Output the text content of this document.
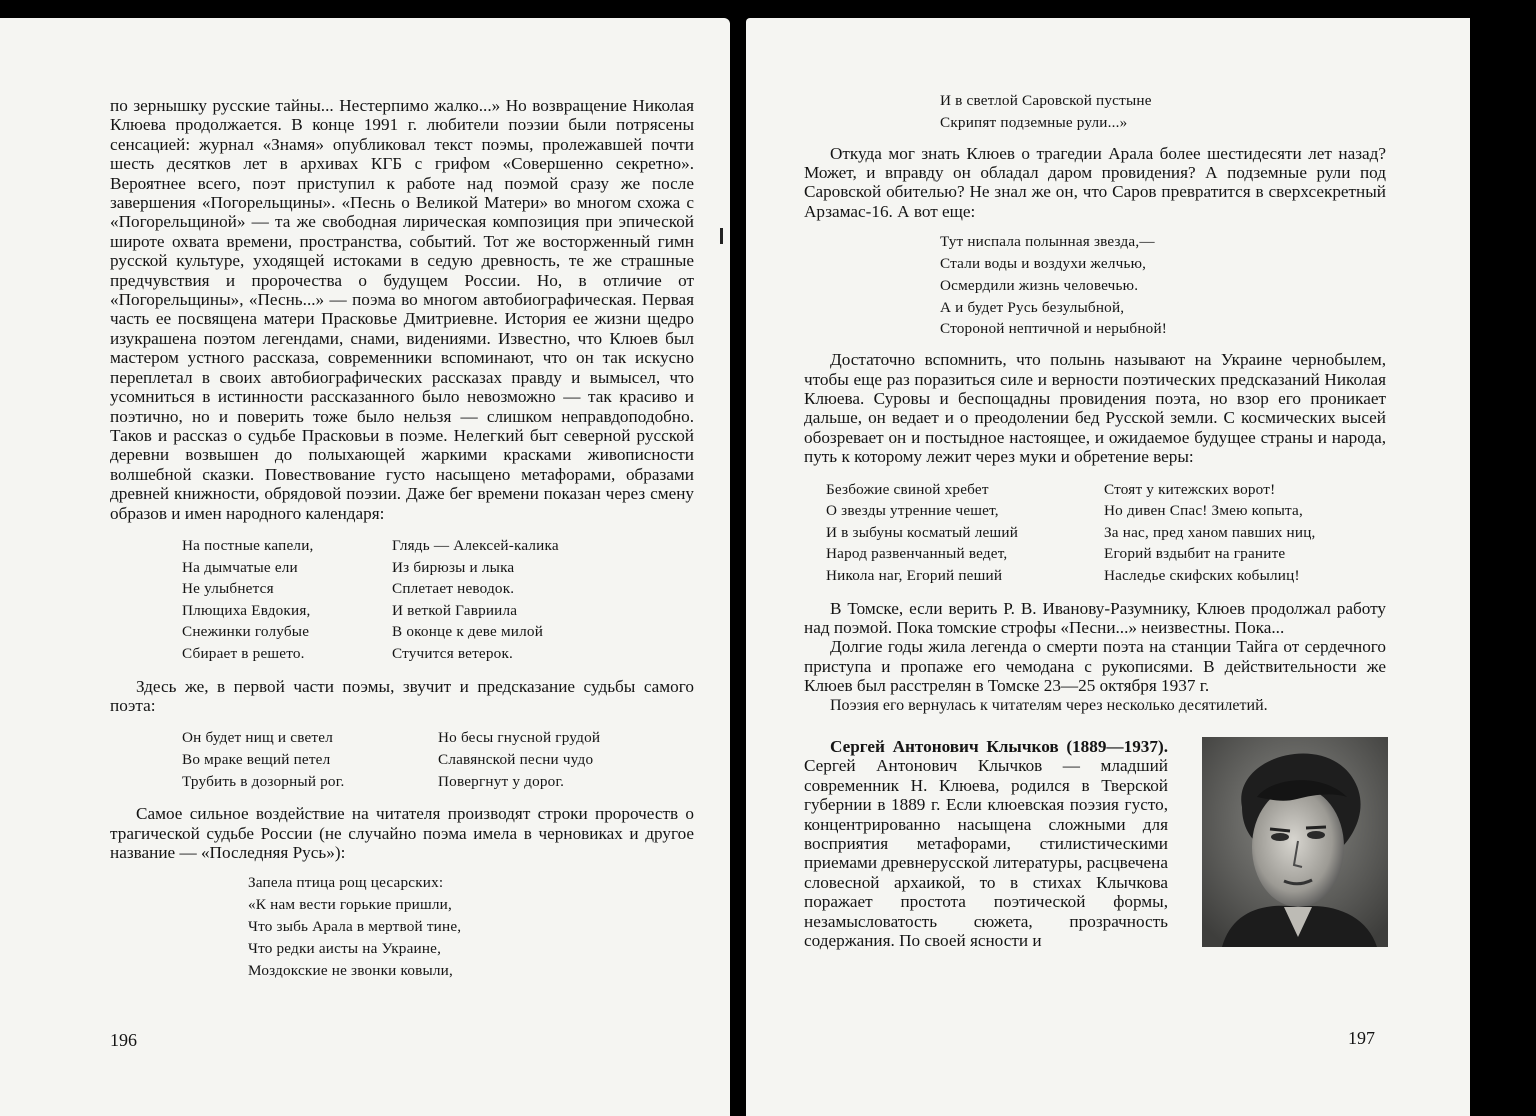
по зернышку русские тайны... Нестерпимо жалко...» Но возвращение Николая Клюева продолжается. В конце 1991 г. любители поэзии были потрясены сенсацией: журнал «Знамя» опубликовал текст поэмы, пролежавшей почти шесть десятков лет в архивах КГБ с грифом «Совершенно секретно». Вероятнее всего, поэт приступил к работе над поэмой сразу же после завершения «Погорельщины». «Песнь о Великой Матери» во многом схожа с «Погорельщиной» — та же свободная лирическая композиция при эпической широте охвата времени, пространства, событий. Тот же восторженный гимн русской культуре, уходящей истоками в седую древность, те же страшные предчувствия и пророчества о будущем России. Но, в отличие от «Погорельщины», «Песнь...» — поэма во многом автобиографическая. Первая часть ее посвящена матери Прасковье Дмитриевне. История ее жизни щедро изукрашена поэтом легендами, снами, видениями. Известно, что Клюев был мастером устного рассказа, современники вспоминают, что он так искусно переплетал в своих автобиографических рассказах правду и вымысел, что усомниться в истинности рассказанного было невозможно — так красиво и поэтично, но и поверить тоже было нельзя — слишком неправдоподобно. Таков и рассказ о судьбе Прасковьи в поэме. Нелегкий быт северной русской деревни возвышен до полыхающей жаркими красками живописности волшебной сказки. Повествование густо насыщено метафорами, образами древней книжности, обрядовой поэзии. Даже бег времени показан через смену образов и имен народного календаря:

На постные капели,
На дымчатые ели
Не улыбнется
Плющиха Евдокия,
Снежинки голубые
Сбирает в решето.
Глядь — Алексей-калика
Из бирюзы и лыка
Сплетает неводок.
И веткой Гавриила
В оконце к деве милой
Стучится ветерок.

Здесь же, в первой части поэмы, звучит и предсказание судьбы самого поэта:

Он будет нищ и светел
Во мраке вещий петел
Трубить в дозорный рог.
Но бесы гнусной грудой
Славянской песни чудо
Повергнут у дорог.

Самое сильное воздействие на читателя производят строки пророчеств о трагической судьбе России (не случайно поэма имела в черновиках и другое название — «Последняя Русь»):

Запела птица рощ цесарских:
«К нам вести горькие пришли,
Что зыбь Арала в мертвой тине,
Что редки аисты на Украине,
Моздокские не звонки ковыли,
196
И в светлой Саровской пустыне
Скрипят подземные рули...»

Откуда мог знать Клюев о трагедии Арала более шестидесяти лет назад? Может, и вправду он обладал даром провидения? А подземные рули под Саровской обителью? Не знал же он, что Саров превратится в сверхсекретный Арзамас-16. А вот еще:

Тут ниспала полынная звезда,—
Стали воды и воздухи желчью,
Осмердили жизнь человечью.
А и будет Русь безулыбной,
Стороной нептичной и нерыбной!

Достаточно вспомнить, что полынь называют на Украине чернобылем, чтобы еще раз поразиться силе и верности поэтических предсказаний Николая Клюева. Суровы и беспощадны провидения поэта, но взор его проникает дальше, он ведает и о преодолении бед Русской земли. С космических высей обозревает он и постыдное настоящее, и ожидаемое будущее страны и народа, путь к которому лежит через муки и обретение веры:

Безбожие свиной хребет
О звезды утренние чешет,
И в зыбуны косматый леший
Народ развенчанный ведет,
Никола наг, Егорий пеший
Стоят у китежских ворот!
Но дивен Спас! Змею копыта,
За нас, пред ханом павших ниц,
Егорий вздыбит на граните
Наследье скифских кобылиц!

В Томске, если верить Р. В. Иванову-Разумнику, Клюев продолжал работу над поэмой. Пока томские строфы «Песни...» неизвестны. Пока...

Долгие годы жила легенда о смерти поэта на станции Тайга от сердечного приступа и пропаже его чемодана с рукописями. В действительности же Клюев был расстрелян в Томске 23—25 октября 1937 г.

Поэзия его вернулась к читателям через несколько десятилетий.

Сергей Антонович Клычков (1889—1937). Сергей Антонович Клычков — младший современник Н. Клюева, родился в Тверской губернии в 1889 г. Если клюевская поэзия густо, концентрированно насыщена сложными для восприятия метафорами, стилистическими приемами древнерусской литературы, расцвечена словесной архаикой, то в стихах Клычкова поражает простота поэтической формы, незамысловатость сюжета, прозрачность содержания. По своей ясности и

197
